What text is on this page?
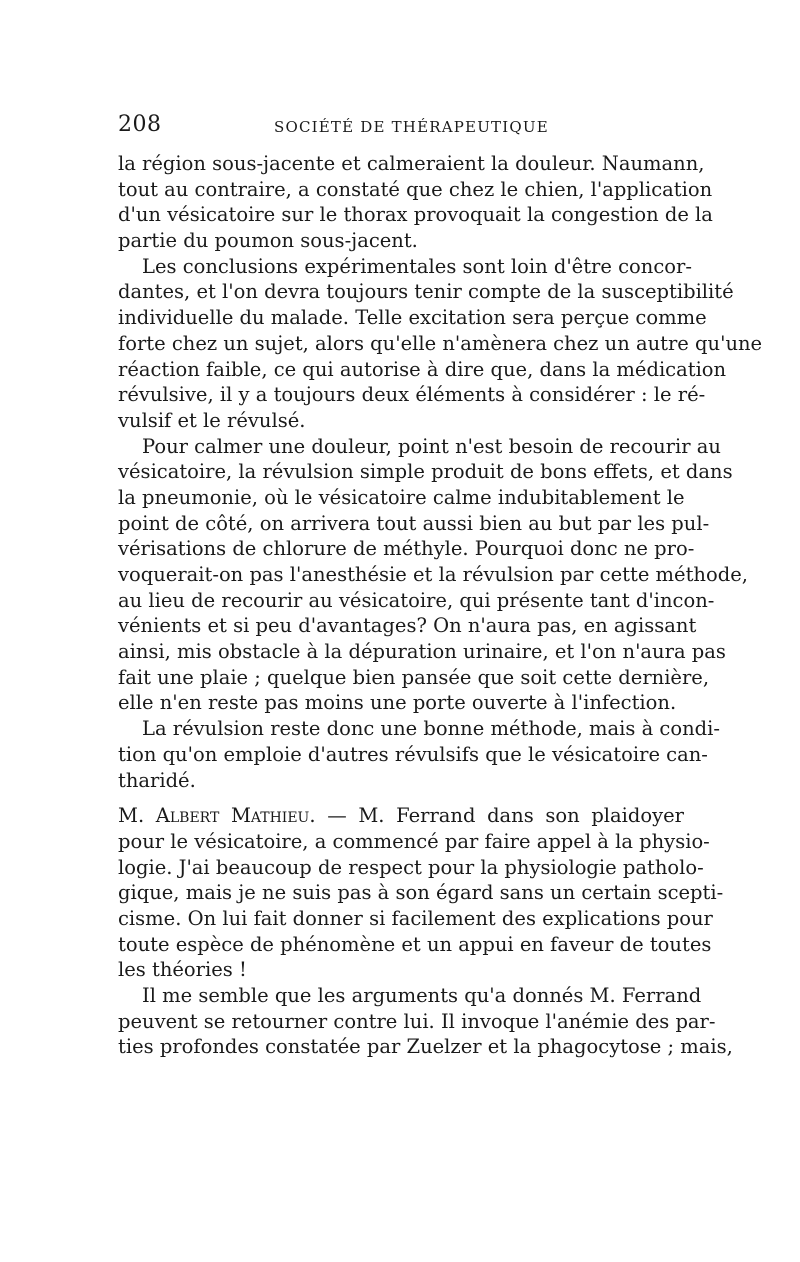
208	SOCIÉTÉ DE THÉRAPEUTIQUE
la région sous-jacente et calmeraient la douleur. Naumann,
tout au contraire, a constaté que chez le chien, l'application
d'un vésicatoire sur le thorax provoquait la congestion de la
partie du poumon sous-jacent.
Les conclusions expérimentales sont loin d'être concor-
dantes, et l'on devra toujours tenir compte de la susceptibilité
individuelle du malade. Telle excitation sera perçue comme
forte chez un sujet, alors qu'elle n'amènera chez un autre qu'une
réaction faible, ce qui autorise à dire que, dans la médication
révulsive, il y a toujours deux éléments à considérer : le ré-
vulsif et le révulsé.
Pour calmer une douleur, point n'est besoin de recourir au
vésicatoire, la révulsion simple produit de bons effets, et dans
la pneumonie, où le vésicatoire calme indubitablement le
point de côté, on arrivera tout aussi bien au but par les pul-
vérisations de chlorure de méthyle. Pourquoi donc ne pro-
voquerait-on pas l'anesthésie et la révulsion par cette méthode,
au lieu de recourir au vésicatoire, qui présente tant d'incon-
vénients et si peu d'avantages? On n'aura pas, en agissant
ainsi, mis obstacle à la dépuration urinaire, et l'on n'aura pas
fait une plaie ; quelque bien pansée que soit cette dernière,
elle n'en reste pas moins une porte ouverte à l'infection.
La révulsion reste donc une bonne méthode, mais à condi-
tion qu'on emploie d'autres révulsifs que le vésicatoire can-
tharidé.
M. Albert Mathieu. — M. Ferrand dans son plaidoyer
pour le vésicatoire, a commencé par faire appel à la physio-
logie. J'ai beaucoup de respect pour la physiologie patholo-
gique, mais je ne suis pas à son égard sans un certain scepti-
cisme. On lui fait donner si facilement des explications pour
toute espèce de phénomène et un appui en faveur de toutes
les théories !
Il me semble que les arguments qu'a donnés M. Ferrand
peuvent se retourner contre lui. Il invoque l'anémie des par-
ties profondes constatée par Zuelzer et la phagocytose ; mais,
